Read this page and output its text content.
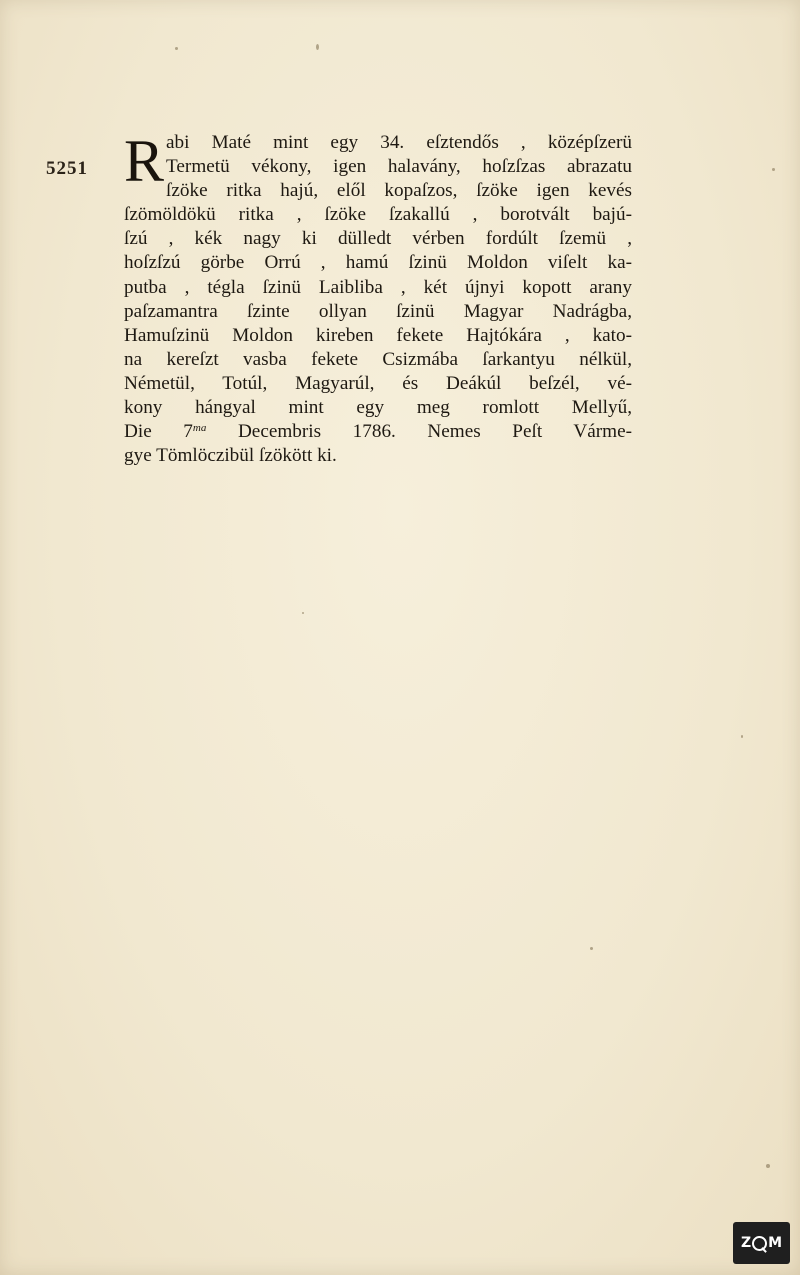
5251 R abi Maté mint egy 34. eſztendős , középſzerü
Termetü vékony, igen halavány, hoſzſzas abrazatu
ſzöke ritka hajú, elől kopaſzos, ſzöke igen kevés
ſzömöldökü ritka , ſzöke ſzakallú , borotvált bajú-
ſzú , kék nagy ki dülledt vérben fordúlt ſzemü ,
hoſzſzú görbe Orrú , hamú ſzinü Moldon viſelt ka-
putba , tégla ſzinü Laibliba , két újnyi kopott arany
paſzamantra ſzinte ollyan ſzinü Magyar Nadrágba,
Hamuſzinü Moldon kireben fekete Hajtókára , kato-
na kereſzt vasba fekete Csizmába ſarkantyu nélkül,
Németül, Totúl, Magyarúl, és Deákúl beſzél, vé-
kony hángyal mint egy meg romlott Mellyű,
Die $7^{ma}$ Decembris 1786. Nemes Peſt Várme-
gye Tömlöczibül ſzökött ki.
Z M
